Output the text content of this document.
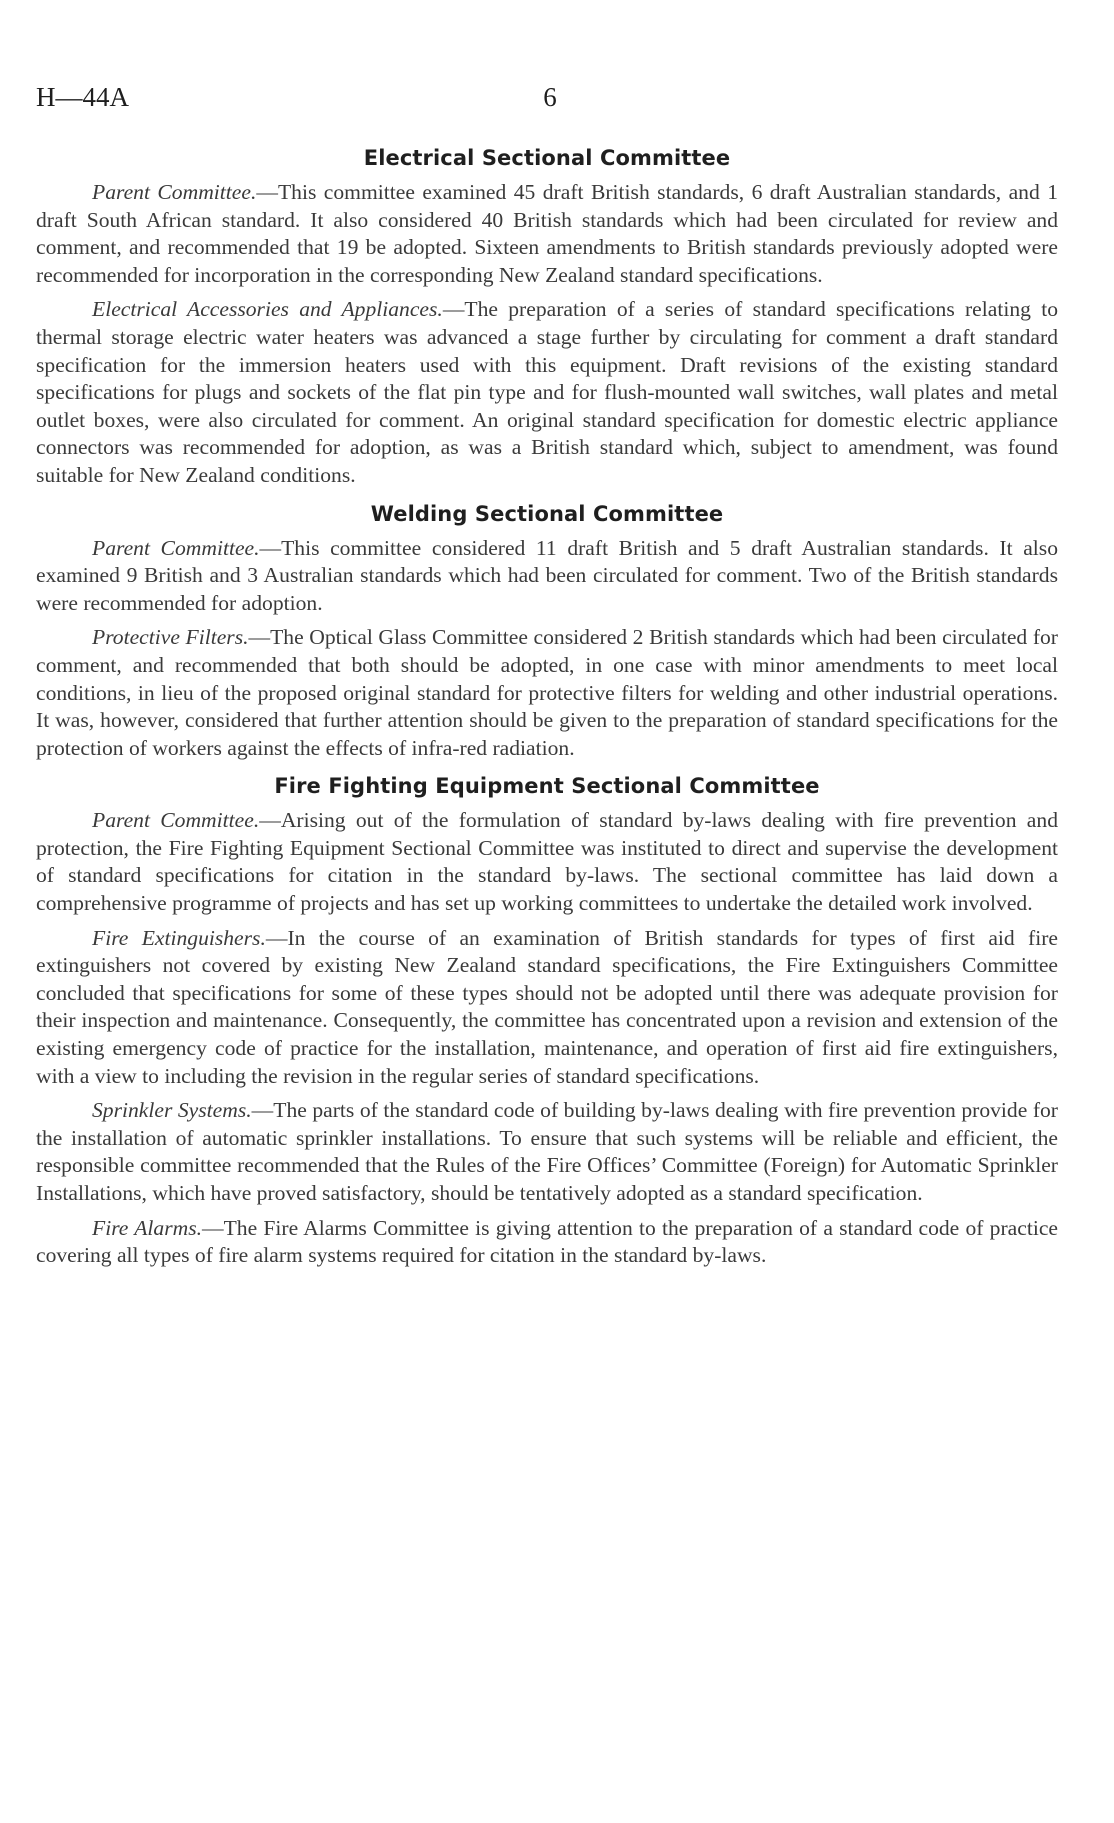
H—44A	6
Electrical Sectional Committee

Parent Committee.—This committee examined 45 draft British standards, 6 draft Australian standards, and 1 draft South African standard. It also considered 40 British standards which had been circulated for review and comment, and recommended that 19 be adopted. Sixteen amendments to British standards previously adopted were recommended for incorporation in the corresponding New Zealand standard specifications.

Electrical Accessories and Appliances.—The preparation of a series of standard specifications relating to thermal storage electric water heaters was advanced a stage further by circulating for comment a draft standard specification for the immersion heaters used with this equipment. Draft revisions of the existing standard specifications for plugs and sockets of the flat pin type and for flush-mounted wall switches, wall plates and metal outlet boxes, were also circulated for comment. An original standard specification for domestic electric appliance connectors was recommended for adoption, as was a British standard which, subject to amendment, was found suitable for New Zealand conditions.

Welding Sectional Committee

Parent Committee.—This committee considered 11 draft British and 5 draft Australian standards. It also examined 9 British and 3 Australian standards which had been circulated for comment. Two of the British standards were recommended for adoption.

Protective Filters.—The Optical Glass Committee considered 2 British standards which had been circulated for comment, and recommended that both should be adopted, in one case with minor amendments to meet local conditions, in lieu of the proposed original standard for protective filters for welding and other industrial operations. It was, however, considered that further attention should be given to the preparation of standard specifications for the protection of workers against the effects of infra-red radiation.

Fire Fighting Equipment Sectional Committee

Parent Committee.—Arising out of the formulation of standard by-laws dealing with fire prevention and protection, the Fire Fighting Equipment Sectional Committee was instituted to direct and supervise the development of standard specifications for citation in the standard by-laws. The sectional committee has laid down a comprehensive programme of projects and has set up working committees to undertake the detailed work involved.

Fire Extinguishers.—In the course of an examination of British standards for types of first aid fire extinguishers not covered by existing New Zealand standard specifications, the Fire Extinguishers Committee concluded that specifications for some of these types should not be adopted until there was adequate provision for their inspection and maintenance. Consequently, the committee has concentrated upon a revision and extension of the existing emergency code of practice for the installation, maintenance, and operation of first aid fire extinguishers, with a view to including the revision in the regular series of standard specifications.

Sprinkler Systems.—The parts of the standard code of building by-laws dealing with fire prevention provide for the installation of automatic sprinkler installations. To ensure that such systems will be reliable and efficient, the responsible committee recommended that the Rules of the Fire Offices’ Committee (Foreign) for Automatic Sprinkler Installations, which have proved satisfactory, should be tentatively adopted as a standard specification.

Fire Alarms.—The Fire Alarms Committee is giving attention to the preparation of a standard code of practice covering all types of fire alarm systems required for citation in the standard by-laws.
